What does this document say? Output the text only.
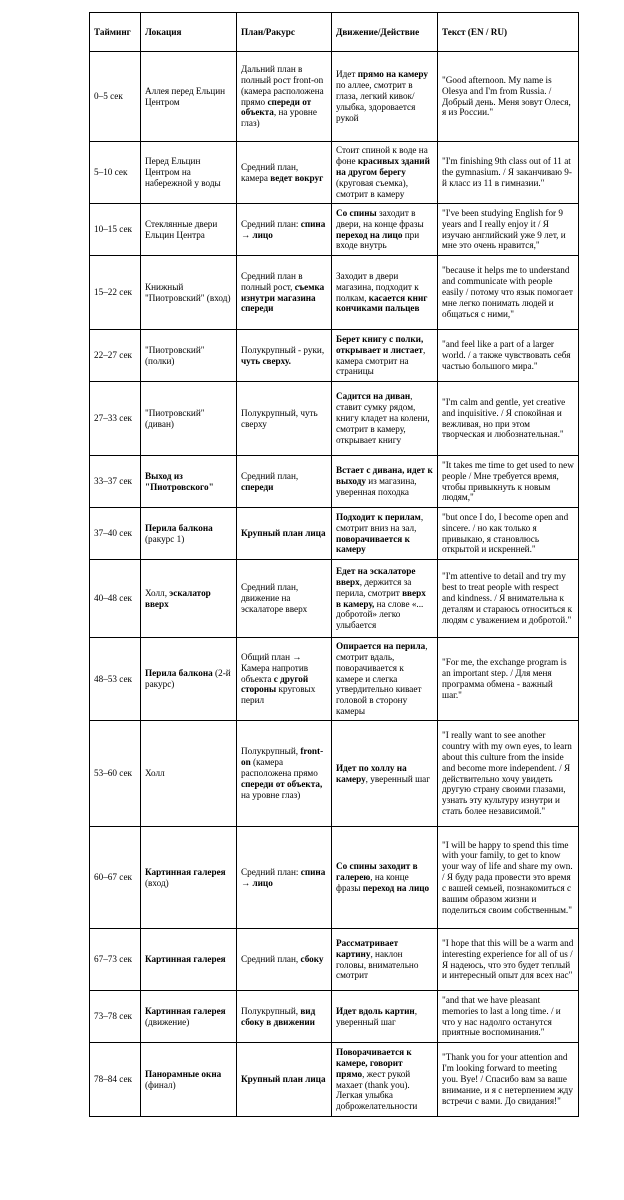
Тайминг	Локация	План/Ракурс	Движение/Действие	Текст (EN / RU)
0–5 сек	Аллея перед Ельцин Центром	Дальний план в полный рост front-on (камера расположена прямо спереди от объекта, на уровне глаз)	Идет прямо на камеру по аллее, смотрит в глаза, легкий кивок/улыбка, здоровается рукой	"Good afternoon. My name is Olesya and I'm from Russia. / Добрый день. Меня зовут Олеся, я из России."
5–10 сек	Перед Ельцин Центром на набережной у воды	Средний план, камера ведет вокруг	Стоит спиной к воде на фоне красивых зданий на другом берегу (круговая съемка), смотрит в камеру	"I'm finishing 9th class out of 11 at the gymnasium. / Я заканчиваю 9-й класс из 11 в гимназии."
10–15 сек	Стеклянные двери Ельцин Центра	Средний план: спина → лицо	Со спины заходит в двери, на конце фразы переход на лицо при входе внутрь	"I've been studying English for 9 years and I really enjoy it / Я изучаю английский уже 9 лет, и мне это очень нравится,"
15–22 сек	Книжный "Пиотровский" (вход)	Средний план в полный рост, съемка изнутри магазина спереди	Заходит в двери магазина, подходит к полкам, касается книг кончиками пальцев	"because it helps me to understand and communicate with people easily / потому что язык помогает мне легко понимать людей и общаться с ними,"
22–27 сек	"Пиотровский" (полки)	Полукрупный - руки, чуть сверху.	Берет книгу с полки, открывает и листает, камера смотрит на страницы	"and feel like a part of a larger world. / а также чувствовать себя частью большого мира."
27–33 сек	"Пиотровский" (диван)	Полукрупный, чуть сверху	Садится на диван, ставит сумку рядом, книгу кладет на колени, смотрит в камеру, открывает книгу	"I'm calm and gentle, yet creative and inquisitive. / Я спокойная и вежливая, но при этом творческая и любознательная."
33–37 сек	Выход из "Пиотровского"	Средний план, спереди	Встает с дивана, идет к выходу из магазина, уверенная походка	"It takes me time to get used to new people / Мне требуется время, чтобы привыкнуть к новым людям,"
37–40 сек	Перила балкона (ракурс 1)	Крупный план лица	Подходит к перилам, смотрит вниз на зал, поворачивается к камеру	"but once I do, I become open and sincere. / но как только я привыкаю, я становлюсь открытой и искренней."
40–48 сек	Холл, эскалатор вверх	Средний план, движение на эскалаторе вверх	Едет на эскалаторе вверх, держится за перила, смотрит вверх в камеру, на слове «... добротой» легко улыбается	"I'm attentive to detail and try my best to treat people with respect and kindness. / Я внимательна к деталям и стараюсь относиться к людям с уважением и добротой."
48–53 сек	Перила балкона (2-й ракурс)	Общий план → Камера напротив объекта с другой стороны круговых перил	Опирается на перила, смотрит вдаль, поворачивается к камере и слегка утвердительно кивает головой в сторону камеры	"For me, the exchange program is an important step. / Для меня программа обмена - важный шаг."
53–60 сек	Холл	Полукрупный, front-on (камера расположена прямо спереди от объекта, на уровне глаз)	Идет по холлу на камеру, уверенный шаг	"I really want to see another country with my own eyes, to learn about this culture from the inside and become more independent. / Я действительно хочу увидеть другую страну своими глазами, узнать эту культуру изнутри и стать более независимой."
60–67 сек	Картинная галерея (вход)	Средний план: спина → лицо	Со спины заходит в галерею, на конце фразы переход на лицо	"I will be happy to spend this time with your family, to get to know your way of life and share my own. / Я буду рада провести это время с вашей семьей, познакомиться с вашим образом жизни и поделиться своим собственным."
67–73 сек	Картинная галерея	Средний план, сбоку	Рассматривает картину, наклон головы, внимательно смотрит	"I hope that this will be a warm and interesting experience for all of us / Я надеюсь, что это будет теплый и интересный опыт для всех нас"
73–78 сек	Картинная галерея (движение)	Полукрупный, вид сбоку в движении	Идет вдоль картин, уверенный шаг	"and that we have pleasant memories to last a long time. / и что у нас надолго останутся приятные воспоминания."
78–84 сек	Панорамные окна (финал)	Крупный план лица	Поворачивается к камере, говорит прямо, жест рукой махает (thank you). Легкая улыбка доброжелательности	"Thank you for your attention and I'm looking forward to meeting you. Bye! / Спасибо вам за ваше внимание, и я с нетерпением жду встречи с вами. До свидания!"
